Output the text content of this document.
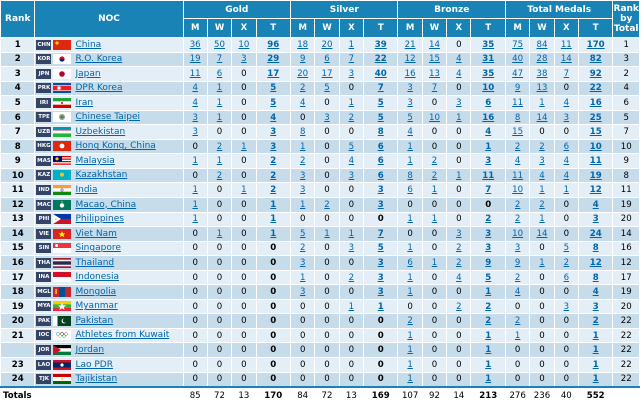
Rank	NOC	Gold				Silver				Bronze				Total Medals				Rank by Total
		M	W	X	T	M	W	X	T	M	W	X	T	M	W	X	T	
1	CHN China	36	50	10	96	18	20	1	39	21	14	0	35	75	84	11	170	1
2	KOR R.O. Korea	19	7	3	29	9	6	7	22	12	15	4	31	40	28	14	82	3
3	JPN Japan	11	6	0	17	20	17	3	40	16	13	4	35	47	38	7	92	2
4	PRK DPR Korea	4	1	0	5	2	5	0	7	3	7	0	10	9	13	0	22	4
5	IRI Iran	4	1	0	5	4	0	1	5	3	0	3	6	11	1	4	16	6
6	TPE Chinese Taipei	3	1	0	4	0	3	2	5	5	10	1	16	8	14	3	25	5
7	UZB Uzbekistan	3	0	0	3	8	0	0	8	4	0	0	4	15	0	0	15	7
8	HKG Hong Kong, China	0	2	1	3	1	0	5	6	1	0	0	1	2	2	6	10	10
9	MAS Malaysia	1	1	0	2	2	0	4	6	1	2	0	3	4	3	4	11	9
10	KAZ Kazakhstan	0	2	0	2	3	0	3	6	8	2	1	11	11	4	4	19	8
11	IND India	1	0	1	2	3	0	0	3	6	1	0	7	10	1	1	12	11
12	MAC Macao, China	1	0	0	1	1	2	0	3	0	0	0	0	2	2	0	4	19
13	PHI Philippines	1	0	0	1	0	0	0	0	1	1	0	2	2	1	0	3	20
14	VIE Viet Nam	0	1	0	1	5	1	1	7	0	0	3	3	10	14	0	24	14
15	SIN Singapore	0	0	0	0	2	0	3	5	1	0	2	3	3	0	5	8	16
16	THA Thailand	0	0	0	0	3	0	0	3	6	1	2	9	9	1	2	12	12
17	INA Indonesia	0	0	0	0	1	0	2	3	1	0	4	5	2	0	6	8	17
18	MGL Mongolia	0	0	0	0	3	0	0	3	1	0	0	1	4	0	0	4	19
19	MYA Myanmar	0	0	0	0	0	0	1	1	0	0	2	2	0	0	3	3	20
20	PAK Pakistan	0	0	0	0	0	0	0	0	2	0	0	2	2	0	0	2	22
21	IOC Athletes from Kuwait	0	0	0	0	0	0	0	0	1	0	0	1	1	0	0	1	22

	JOR Jordan	0	0	0	0	0	0	0	0	1	0	0	1	0	0	0	1	22
23	LAO Lao PDR	0	0	0	0	0	0	0	0	1	0	0	1	0	0	0	1	22
24	TJK Tajikistan	0	0	0	0	0	0	0	0	1	0	0	1	0	0	0	1	22
Totals		85	72	13	170	84	72	13	169	107	92	14	213	276	236	40	552	
